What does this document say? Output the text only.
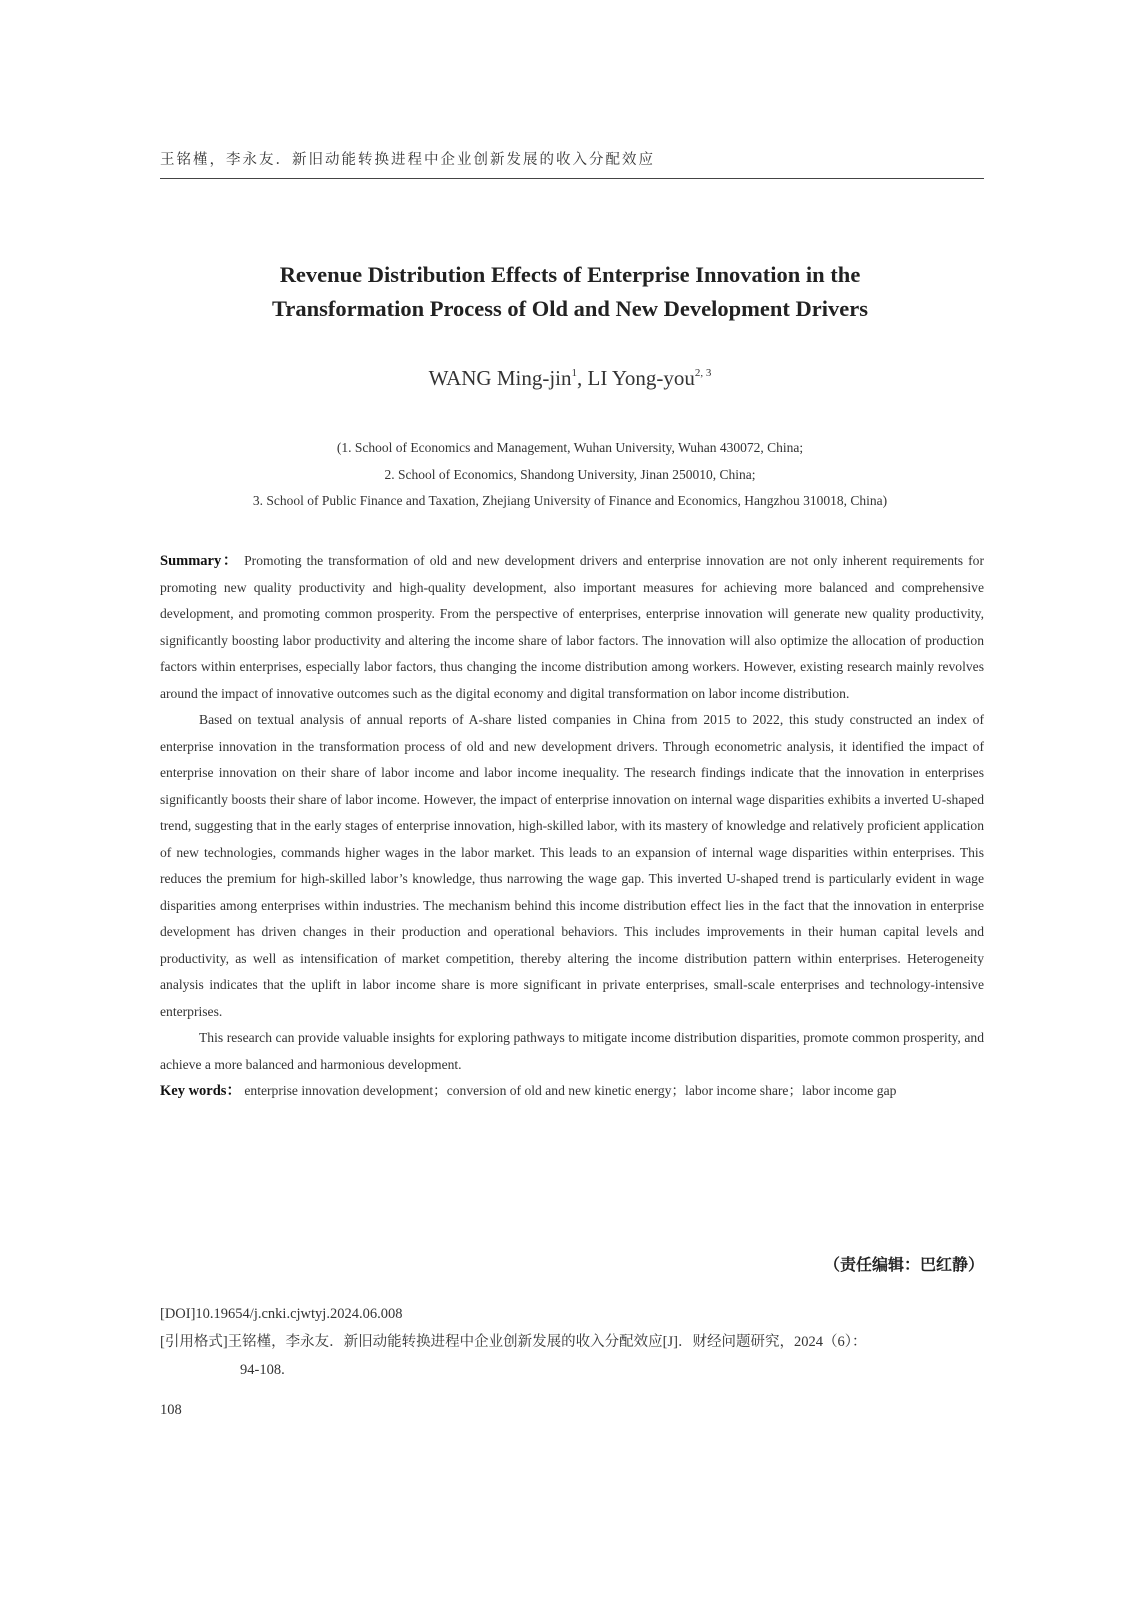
王铭槿，李永友．新旧动能转换进程中企业创新发展的收入分配效应
Revenue Distribution Effects of Enterprise Innovation in the
Transformation Process of Old and New Development Drivers
WANG Ming-jin$^1$, LI Yong-you$^{2, 3}$
(1. School of Economics and Management, Wuhan University, Wuhan 430072, China;
2. School of Economics, Shandong University, Jinan 250010, China;
3. School of Public Finance and Taxation, Zhejiang University of Finance and Economics, Hangzhou 310018, China)

Summary： Promoting the transformation of old and new development drivers and enterprise innovation are not only inherent requirements for promoting new quality productivity and high-quality development, also important measures for achieving more balanced and comprehensive development, and promoting common prosperity. From the perspective of enterprises, enterprise innovation will generate new quality productivity, significantly boosting labor productivity and altering the income share of labor factors. The innovation will also optimize the allocation of production factors within enterprises, especially labor factors, thus changing the income distribution among workers. However, existing research mainly revolves around the impact of innovative outcomes such as the digital economy and digital transformation on labor income distribution.

Based on textual analysis of annual reports of A-share listed companies in China from 2015 to 2022, this study constructed an index of enterprise innovation in the transformation process of old and new development drivers. Through econometric analysis, it identified the impact of enterprise innovation on their share of labor income and labor income inequality. The research findings indicate that the innovation in enterprises significantly boosts their share of labor income. However, the impact of enterprise innovation on internal wage disparities exhibits a inverted U-shaped trend, suggesting that in the early stages of enterprise innovation, high-skilled labor, with its mastery of knowledge and relatively proficient application of new technologies, commands higher wages in the labor market. This leads to an expansion of internal wage disparities within enterprises. This reduces the premium for high-skilled labor’s knowledge, thus narrowing the wage gap. This inverted U-shaped trend is particularly evident in wage disparities among enterprises within industries. The mechanism behind this income distribution effect lies in the fact that the innovation in enterprise development has driven changes in their production and operational behaviors. This includes improvements in their human capital levels and productivity, as well as intensification of market competition, thereby altering the income distribution pattern within enterprises. Heterogeneity analysis indicates that the uplift in labor income share is more significant in private enterprises, small-scale enterprises and technology-intensive enterprises.

This research can provide valuable insights for exploring pathways to mitigate income distribution disparities, promote common prosperity, and achieve a more balanced and harmonious development.

Key words： enterprise innovation development；conversion of old and new kinetic energy；labor income share；labor income gap

（责任编辑：巴红静）
[DOI]10.19654/j.cnki.cjwtyj.2024.06.008
[引用格式]王铭槿，李永友．新旧动能转换进程中企业创新发展的收入分配效应[J]．财经问题研究，2024（6）：
94-108.
108
